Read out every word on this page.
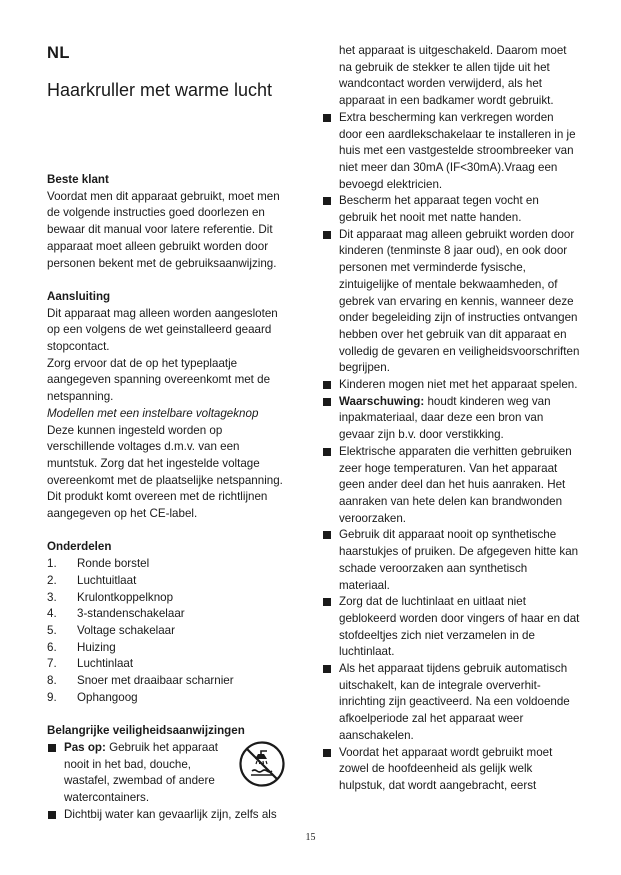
NL
Haarkruller met warme lucht
Beste klant

Voordat men dit apparaat gebruikt, moet men de volgende instructies goed doorlezen en bewaar dit manual voor latere referentie. Dit apparaat moet alleen gebruikt worden door personen bekent met de gebruiksaanwijzing.

Aansluiting

Dit apparaat mag alleen worden aangesloten op een volgens de wet geinstalleerd geaard stopcontact.

Zorg ervoor dat de op het typeplaatje aangegeven spanning overeenkomt met de netspanning.

Modellen met een instelbare voltageknop

Deze kunnen ingesteld worden op verschillende voltages d.m.v. van een muntstuk. Zorg dat het ingestelde voltage overeenkomt met de plaatselijke netspanning.

Dit produkt komt overeen met de richtlijnen aangegeven op het CE-label.

Onderdelen
1.	Ronde borstel
2.	Luchtuitlaat
3.	Krulontkoppelknop
4.	3-standenschakelaar
5.	Voltage schakelaar
6.	Huizing
7.	Luchtinlaat
8.	Snoer met draaibaar scharnier
9.	Ophangoog
Belangrijke veiligheidsaanwijzingen
Pas op: Gebruik het apparaat nooit in het bad, douche, wastafel, zwembad of andere watercontainers.
Dichtbij water kan gevaarlijk zijn, zelfs als
het apparaat is uitgeschakeld. Daarom moet na gebruik de stekker te allen tijde uit het wandcontact worden verwijderd, als het apparaat in een badkamer wordt gebruikt.
Extra bescherming kan verkregen worden door een aardlekschakelaar te installeren in je huis met een vastgestelde stroombreeker van niet meer dan 30mA (IF<30mA).Vraag een bevoegd elektricien.
Bescherm het apparaat tegen vocht en gebruik het nooit met natte handen.
Dit apparaat mag alleen gebruikt worden door kinderen (tenminste 8 jaar oud), en ook door personen met verminderde fysische, zintuigelijke of mentale bekwaamheden, of gebrek van ervaring en kennis, wanneer deze onder begeleiding zijn of instructies ontvangen hebben over het gebruik van dit apparaat en volledig de gevaren en veiligheidsvoorschriften begrijpen.
Kinderen mogen niet met het apparaat spelen.
Waarschuwing: houdt kinderen weg van inpakmateriaal, daar deze een bron van gevaar zijn b.v. door verstikking.
Elektrische apparaten die verhitten gebruiken zeer hoge temperaturen. Van het apparaat geen ander deel dan het huis aanraken. Het aanraken van hete delen kan brandwonden veroorzaken.
Gebruik dit apparaat nooit op synthetische haarstukjes of pruiken. De afgegeven hitte kan schade veroorzaken aan synthetisch materiaal.
Zorg dat de luchtinlaat en uitlaat niet geblokeerd worden door vingers of haar en dat stofdeeltjes zich niet verzamelen in de luchtinlaat.
Als het apparaat tijdens gebruik automatisch uitschakelt, kan de integrale oververhit-inrichting zijn geactiveerd. Na een voldoende afkoelperiode zal het apparaat weer aanschakelen.
Voordat het apparaat wordt gebruikt moet zowel de hoofdeenheid als gelijk welk hulpstuk, dat wordt aangebracht, eerst
15
